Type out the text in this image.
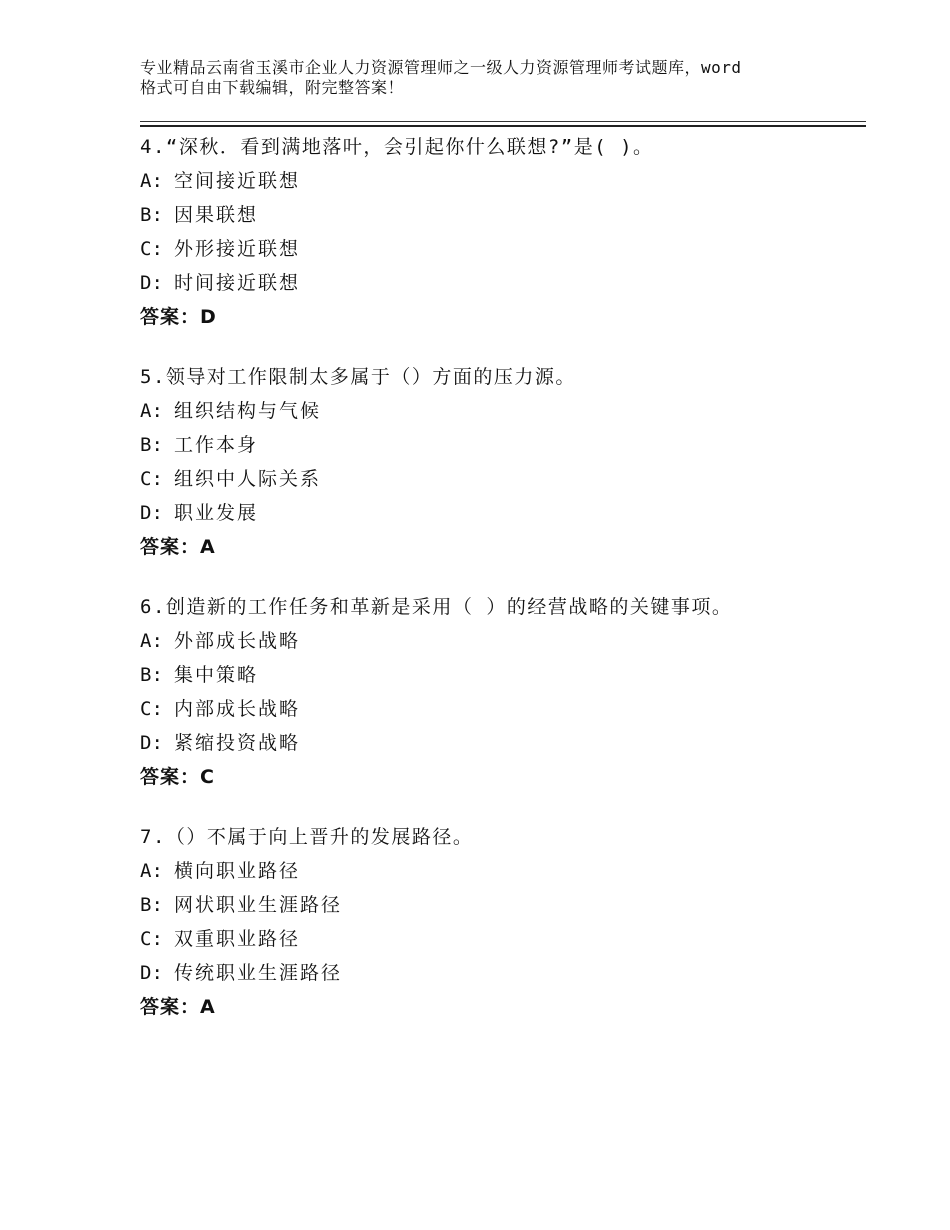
专业精品云南省玉溪市企业人力资源管理师之一级人力资源管理师考试题库，word
格式可自由下载编辑，附完整答案！
4.“深秋．看到满地落叶，会引起你什么联想?”是( )。
A: 空间接近联想
B: 因果联想
C: 外形接近联想
D: 时间接近联想
答案：D
5.领导对工作限制太多属于（）方面的压力源。
A: 组织结构与气候
B: 工作本身
C: 组织中人际关系
D: 职业发展
答案：A
6.创造新的工作任务和革新是采用（ ）的经营战略的关键事项。
A: 外部成长战略
B: 集中策略
C: 内部成长战略
D: 紧缩投资战略
答案：C
7.（）不属于向上晋升的发展路径。
A: 横向职业路径
B: 网状职业生涯路径
C: 双重职业路径
D: 传统职业生涯路径
答案：A
